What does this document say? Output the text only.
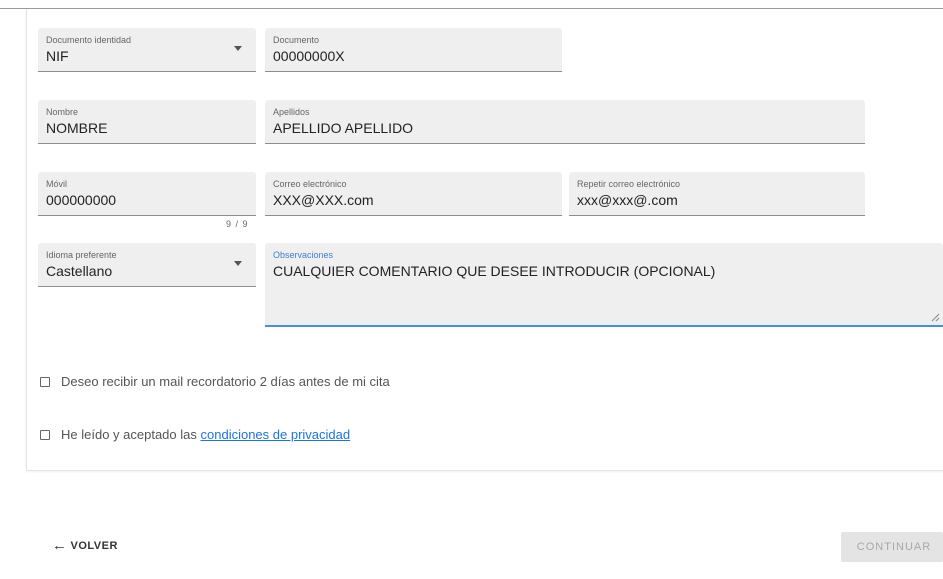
Documento identidad
NIF
Documento
00000000X
Nombre
NOMBRE
Apellidos
APELLIDO APELLIDO
Móvil
000000000
9 / 9
Correo electrónico
XXX@XXX.com
Repetir correo electrónico
xxx@xxx@.com
Idioma preferente
Castellano
Observaciones
CUALQUIER COMENTARIO QUE DESEE INTRODUCIR (OPCIONAL)
Deseo recibir un mail recordatorio 2 días antes de mi cita
He leído y aceptado las
condiciones de privacidad
← VOLVER	CONTINUAR
